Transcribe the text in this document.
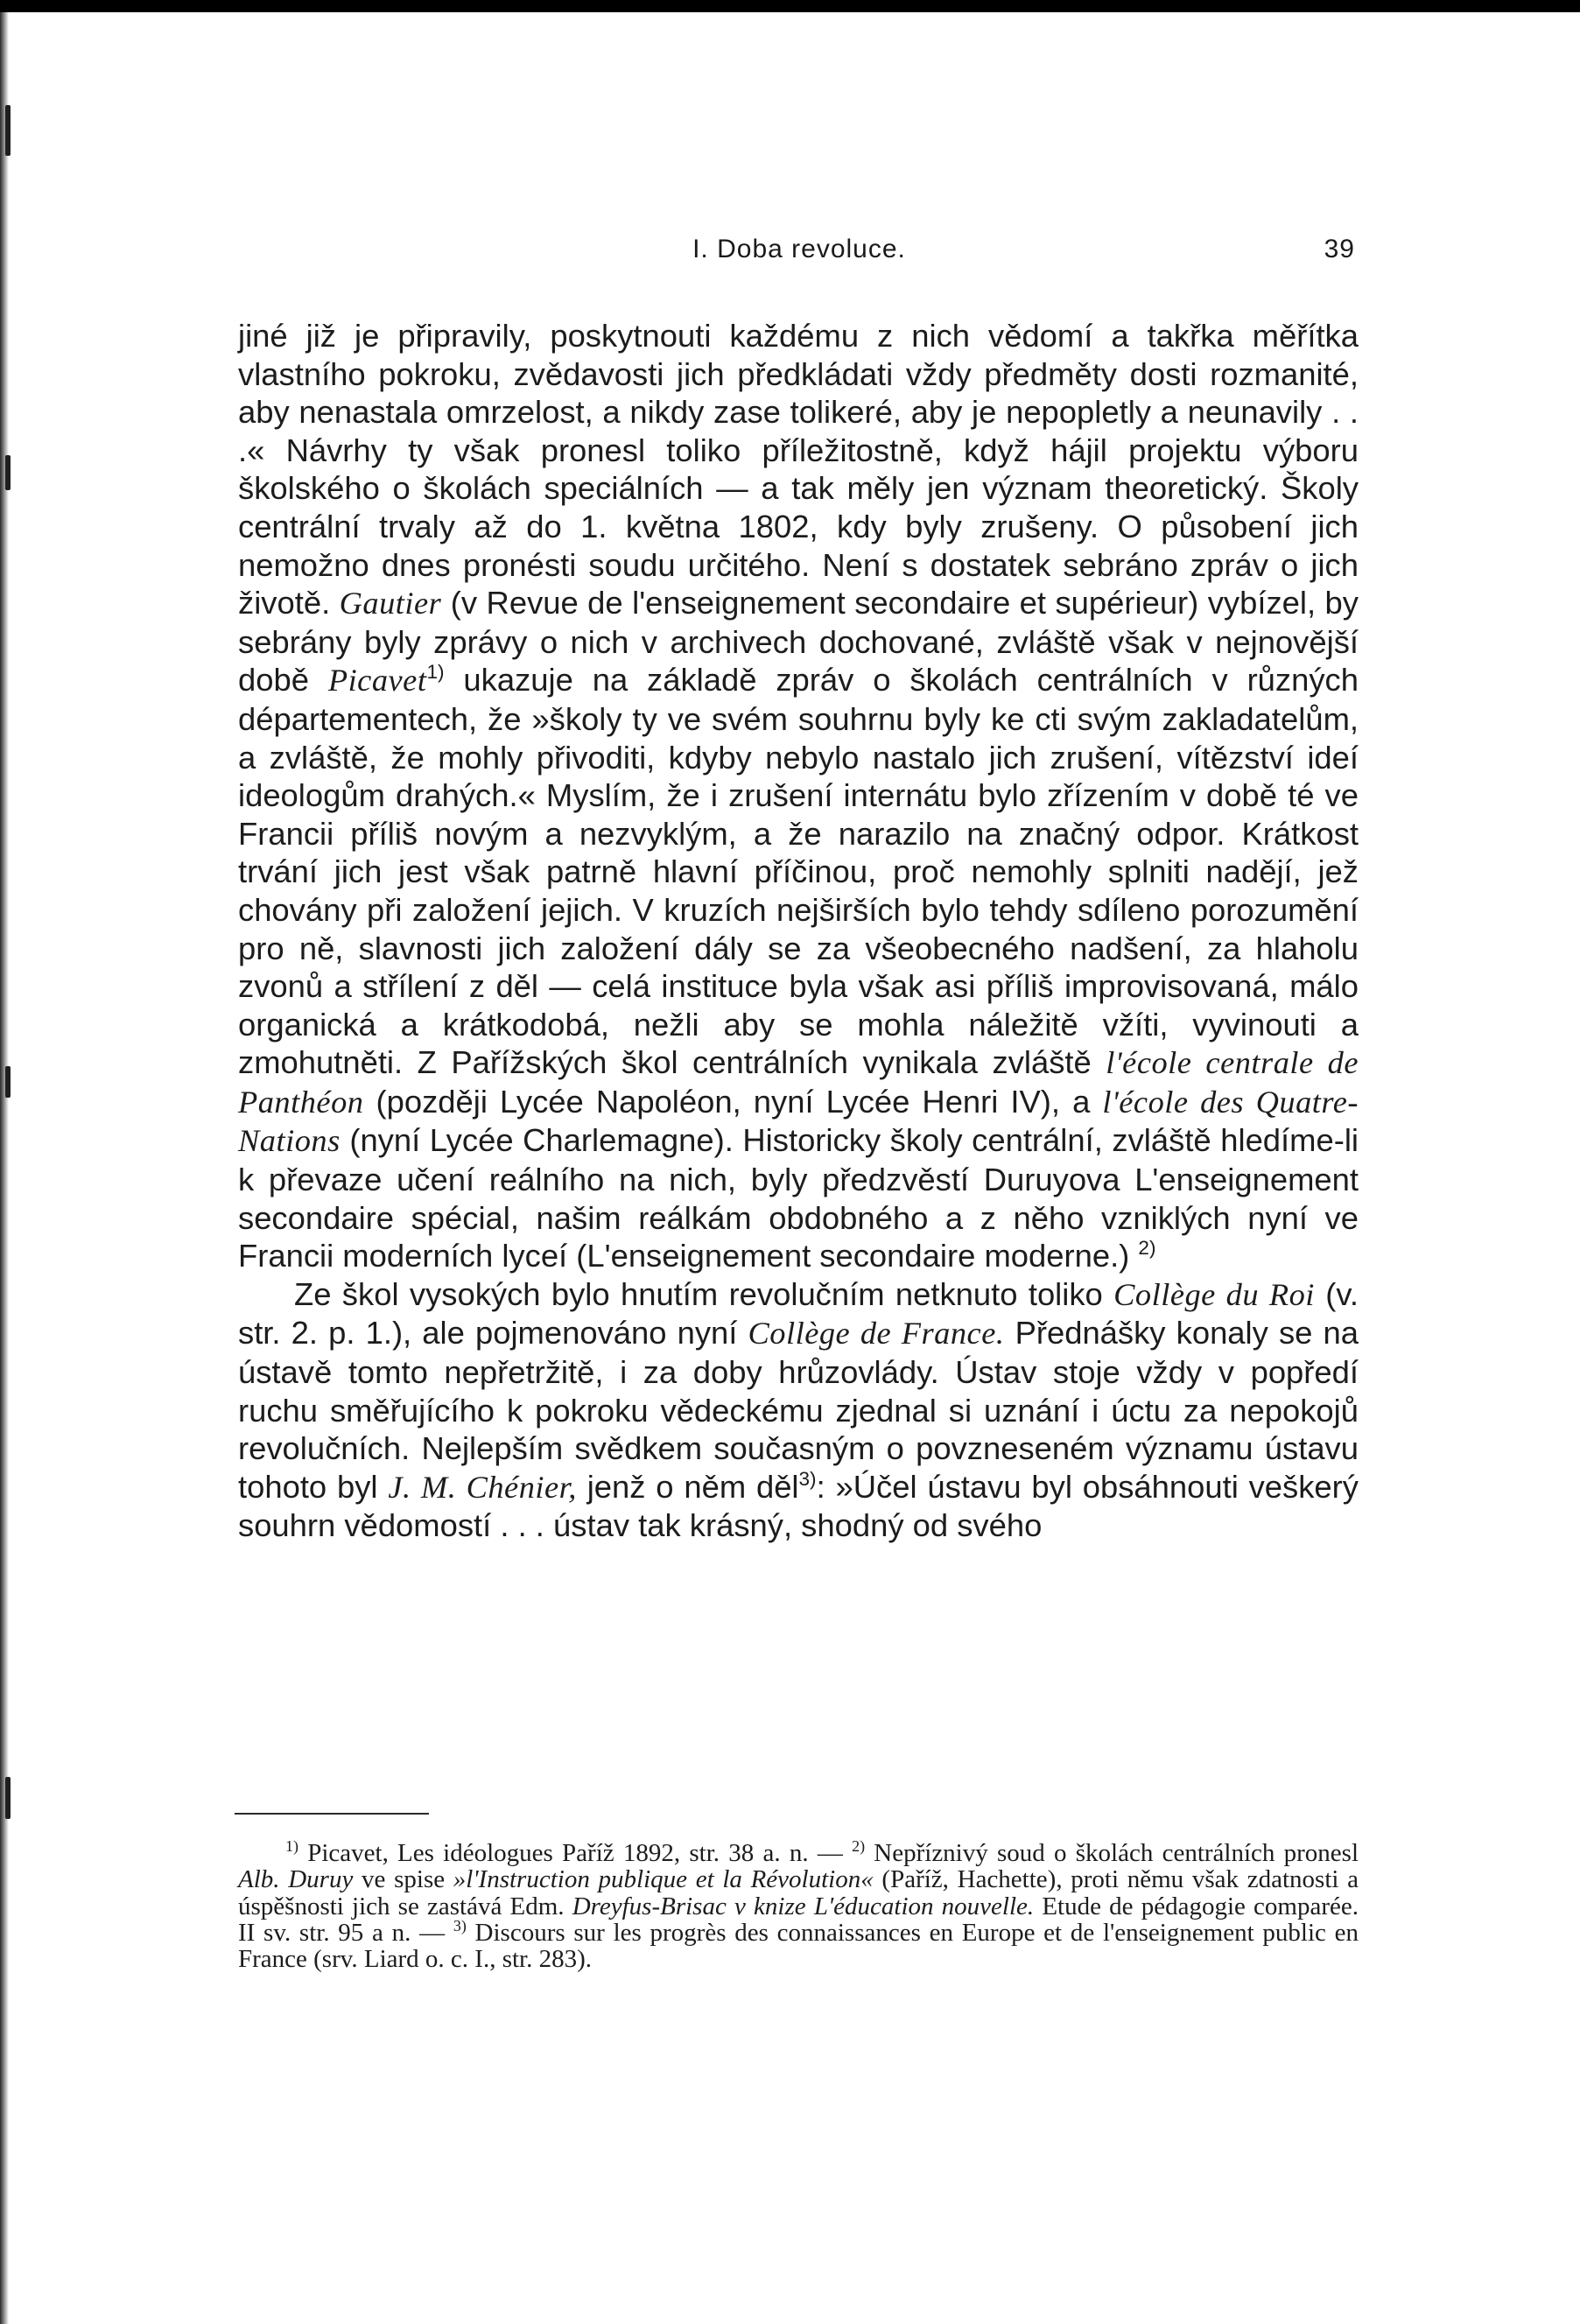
I. Doba revoluce.	39

jiné již je připravily, poskytnouti každému z nich vědomí a takřka měřítka vlastního pokroku, zvědavosti jich předkládati vždy předměty dosti rozmanité, aby nenastala omrzelost, a nikdy zase tolikeré, aby je nepopletly a neunavily . . .« Návrhy ty však pronesl toliko příležitostně, když hájil projektu výboru školského o školách speciálních — a tak měly jen význam theoretický. Školy centrální trvaly až do 1. května 1802, kdy byly zrušeny. O působení jich nemožno dnes pronésti soudu určitého. Není s dostatek sebráno zpráv o jich životě. Gautier (v Revue de l'enseignement secondaire et supérieur) vybízel, by sebrány byly zprávy o nich v archivech dochované, zvláště však v nejnovější době Picavet$^{1)}$ ukazuje na základě zpráv o školách centrálních v různých départementech, že »školy ty ve svém souhrnu byly ke cti svým zakladatelům, a zvláště, že mohly přivoditi, kdyby nebylo nastalo jich zrušení, vítězství ideí ideologům drahých.« Myslím, že i zrušení internátu bylo zřízením v době té ve Francii příliš novým a nezvyklým, a že narazilo na značný odpor. Krátkost trvání jich jest však patrně hlavní příčinou, proč nemohly splniti nadějí, jež chovány při založení jejich. V kruzích nejširších bylo tehdy sdíleno porozumění pro ně, slavnosti jich založení dály se za všeobecného nadšení, za hlaholu zvonů a střílení z děl — celá instituce byla však asi příliš improvisovaná, málo organická a krátkodobá, nežli aby se mohla náležitě vžíti, vyvinouti a zmohutněti. Z Pařížských škol centrálních vynikala zvláště l'école centrale de Panthéon (později Lycée Napoléon, nyní Lycée Henri IV), a l'école des Quatre-Nations (nyní Lycée Charlemagne). Historicky školy centrální, zvláště hledíme-li k převaze učení reálního na nich, byly předzvěstí Duruyova L'enseignement secondaire spécial, našim reálkám obdobného a z něho vzniklých nyní ve Francii moderních lyceí (L'enseignement secondaire moderne.) $^{2)}$

Ze škol vysokých bylo hnutím revolučním netknuto toliko Collège du Roi (v. str. 2. p. 1.), ale pojmenováno nyní Collège de France. Přednášky konaly se na ústavě tomto nepřetržitě, i za doby hrůzovlády. Ústav stoje vždy v popředí ruchu směřujícího k pokroku vědeckému zjednal si uznání i úctu za nepokojů revolučních. Nejlepším svědkem současným o povzneseném významu ústavu tohoto byl J. M. Chénier, jenž o něm děl$^{3)}$: »Účel ústavu byl obsáhnouti veškerý souhrn vědomostí . . . ústav tak krásný, shodný od svého

$^{1)}$ Picavet, Les idéologues Paříž 1892, str. 38 a. n. — $^{2)}$ Nepříznivý soud o školách centrálních pronesl Alb. Duruy ve spise »l'Instruction publique et la Révolution« (Paříž, Hachette), proti němu však zdatnosti a úspěšnosti jich se zastává Edm. Dreyfus-Brisac v knize L'éducation nouvelle. Etude de pédagogie comparée. II sv. str. 95 a n. — $^{3)}$ Discours sur les progrès des connaissances en Europe et de l'enseignement public en France (srv. Liard o. c. I., str. 283).
